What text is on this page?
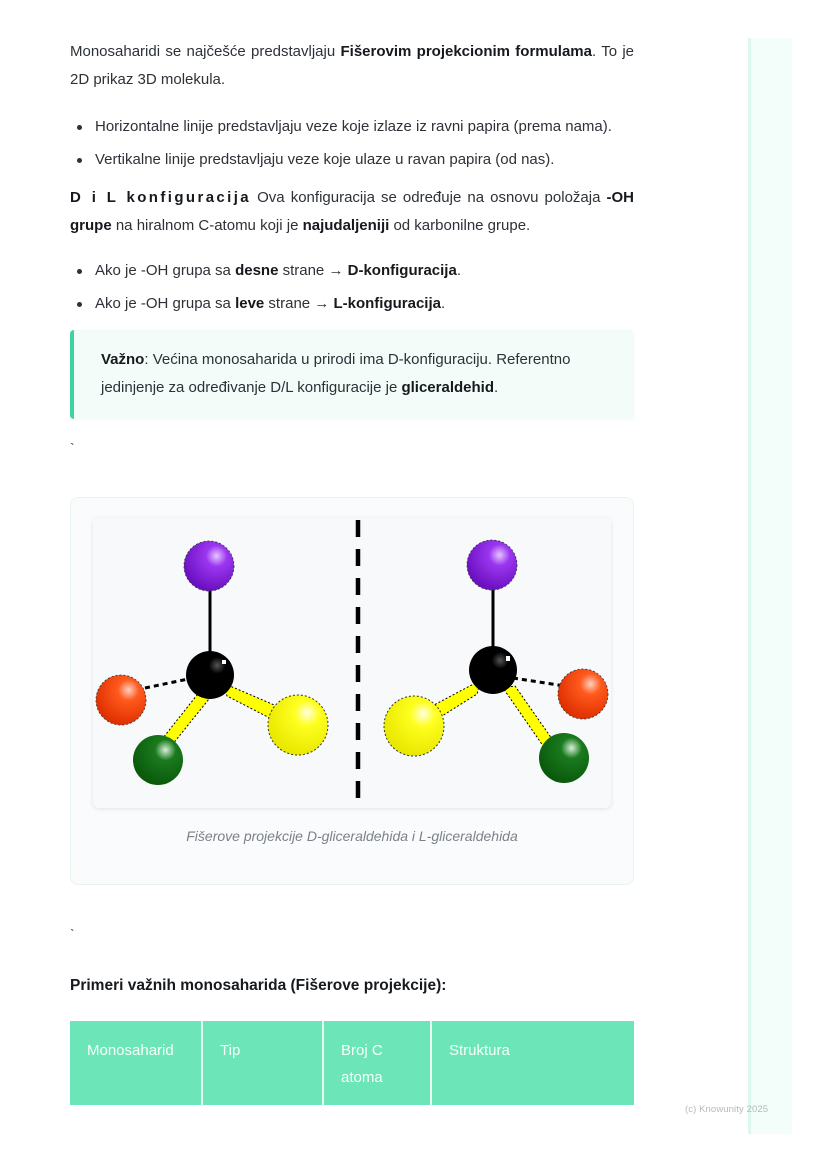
(c) Knowunity 2025

Monosaharidi se najčešće predstavljaju Fišerovim projekcionim formulama. To je 2D prikaz 3D molekula.

Horizontalne linije predstavljaju veze koje izlaze iz ravni papira (prema nama).
Vertikalne linije predstavljaju veze koje ulaze u ravan papira (od nas).

D i L konfiguracija Ova konfiguracija se određuje na osnovu položaja -OH grupe na hiralnom C-atomu koji je najudaljeniji od karbonilne grupe.

Ako je -OH grupa sa desne strane → D-konfiguracija.
Ako je -OH grupa sa leve strane → L-konfiguracija.

Važno: Većina monosaharida u prirodi ima D-konfiguraciju. Referentno jedinjenje za određivanje D/L konfiguracije je gliceraldehid.

`
Fišerove projekcije D-gliceraldehida i L-gliceraldehida
`
Primeri važnih monosaharida (Fišerove projekcije):
Monosaharid	Tip	Broj C atoma	Struktura
